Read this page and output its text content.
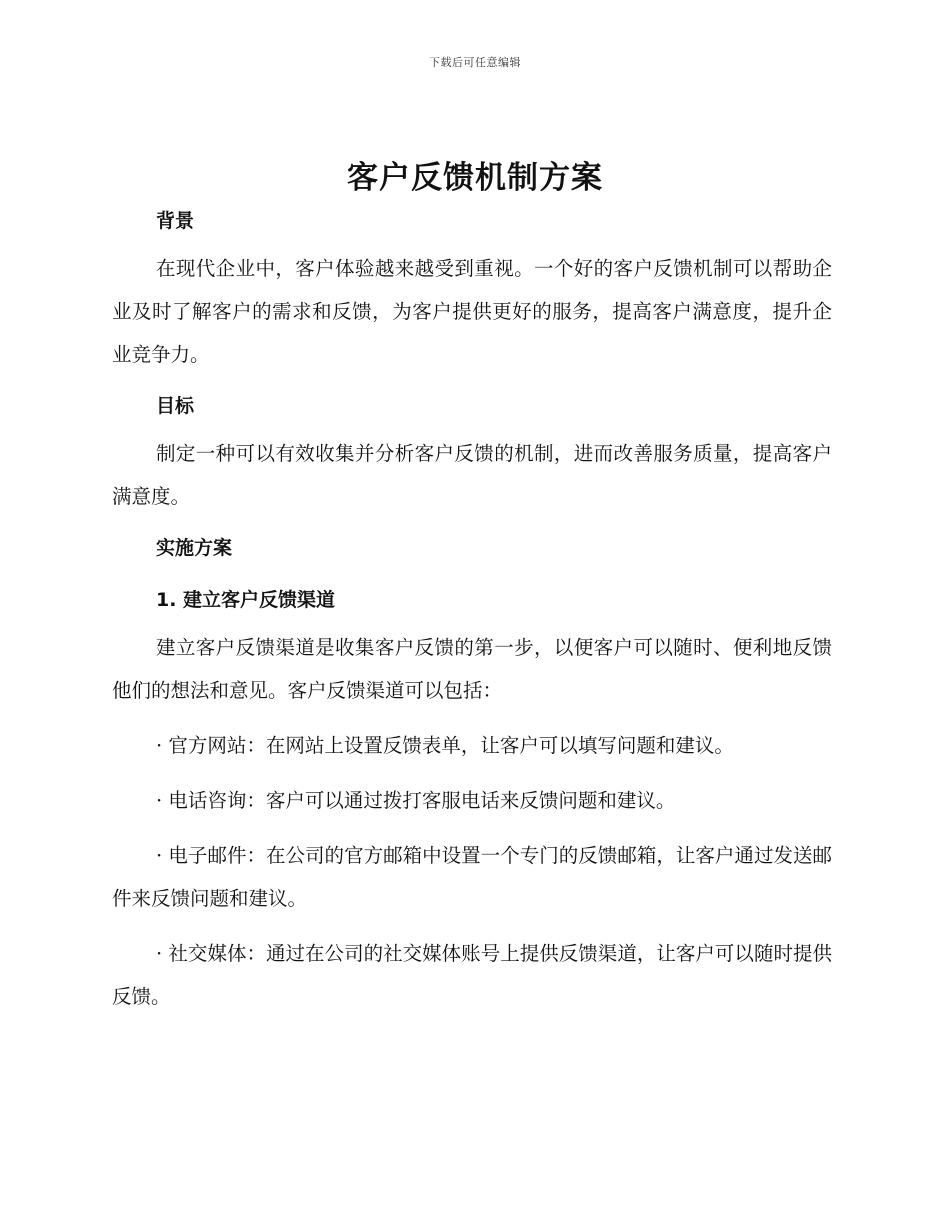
下载后可任意编辑
客户反馈机制方案
背景

在现代企业中，客户体验越来越受到重视。一个好的客户反馈机制可以帮助企业及时了解客户的需求和反馈，为客户提供更好的服务，提高客户满意度，提升企业竞争力。

目标

制定一种可以有效收集并分析客户反馈的机制，进而改善服务质量，提高客户满意度。

实施方案
1. 建立客户反馈渠道

建立客户反馈渠道是收集客户反馈的第一步，以便客户可以随时、便利地反馈他们的想法和意见。客户反馈渠道可以包括：

· 官方网站：在网站上设置反馈表单，让客户可以填写问题和建议。

· 电话咨询：客户可以通过拨打客服电话来反馈问题和建议。

· 电子邮件：在公司的官方邮箱中设置一个专门的反馈邮箱，让客户通过发送邮件来反馈问题和建议。

· 社交媒体：通过在公司的社交媒体账号上提供反馈渠道，让客户可以随时提供反馈。
